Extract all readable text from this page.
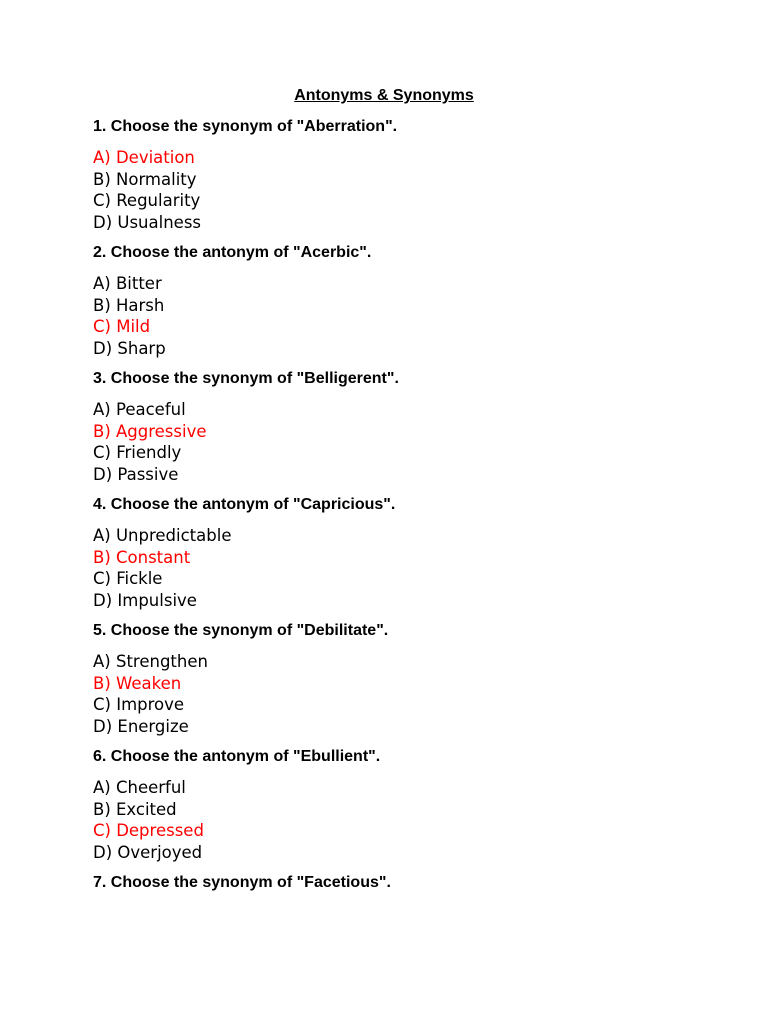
Antonyms & Synonyms
1. Choose the synonym of "Aberration".
A) Deviation
B) Normality
C) Regularity
D) Usualness
2. Choose the antonym of "Acerbic".
A) Bitter
B) Harsh
C) Mild
D) Sharp
3. Choose the synonym of "Belligerent".
A) Peaceful
B) Aggressive
C) Friendly
D) Passive
4. Choose the antonym of "Capricious".
A) Unpredictable
B) Constant
C) Fickle
D) Impulsive
5. Choose the synonym of "Debilitate".
A) Strengthen
B) Weaken
C) Improve
D) Energize
6. Choose the antonym of "Ebullient".
A) Cheerful
B) Excited
C) Depressed
D) Overjoyed
7. Choose the synonym of "Facetious".
